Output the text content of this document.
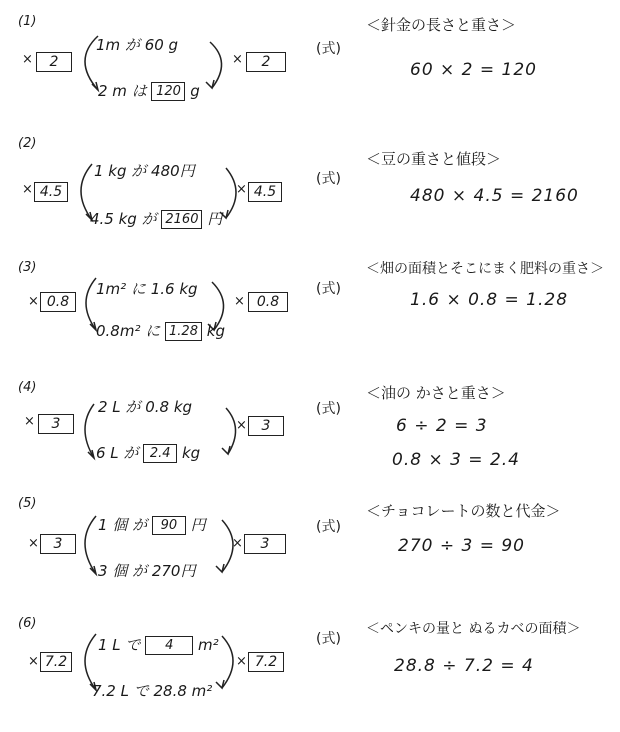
(1)
×	2
1m が 60 g
2 m は 120 g
×	2
(式)
＜針金の長さと重さ＞
60 × 2 = 120
(2)
× 4.5
1 kg が 480円
4.5 kg が 2160 円
× 4.5
(式)
＜豆の重さと値段＞
480 × 4.5 = 2160
(3)
× 0.8
1m² に 1.6 kg
0.8m² に 1.28 kg
× 0.8
(式)
＜畑の面積とそこにまく肥料の重さ＞
1.6 × 0.8 = 1.28
(4)
×	3
2 L が 0.8 kg
6 L が 2.4 kg
×	3
(式)
＜油の かさと重さ＞
6 ÷ 2 = 3
0.8 × 3 = 2.4
(5)
×	3
1 個 が 90 円
3 個 が 270円
×	3
(式)
＜チョコレートの数と代金＞
270 ÷ 3 = 90
(6)
× 7.2
1 L で 4 m²
7.2 L で 28.8 m²
× 7.2
(式)
＜ペンキの量と ぬるカベの面積＞
28.8 ÷ 7.2 = 4
